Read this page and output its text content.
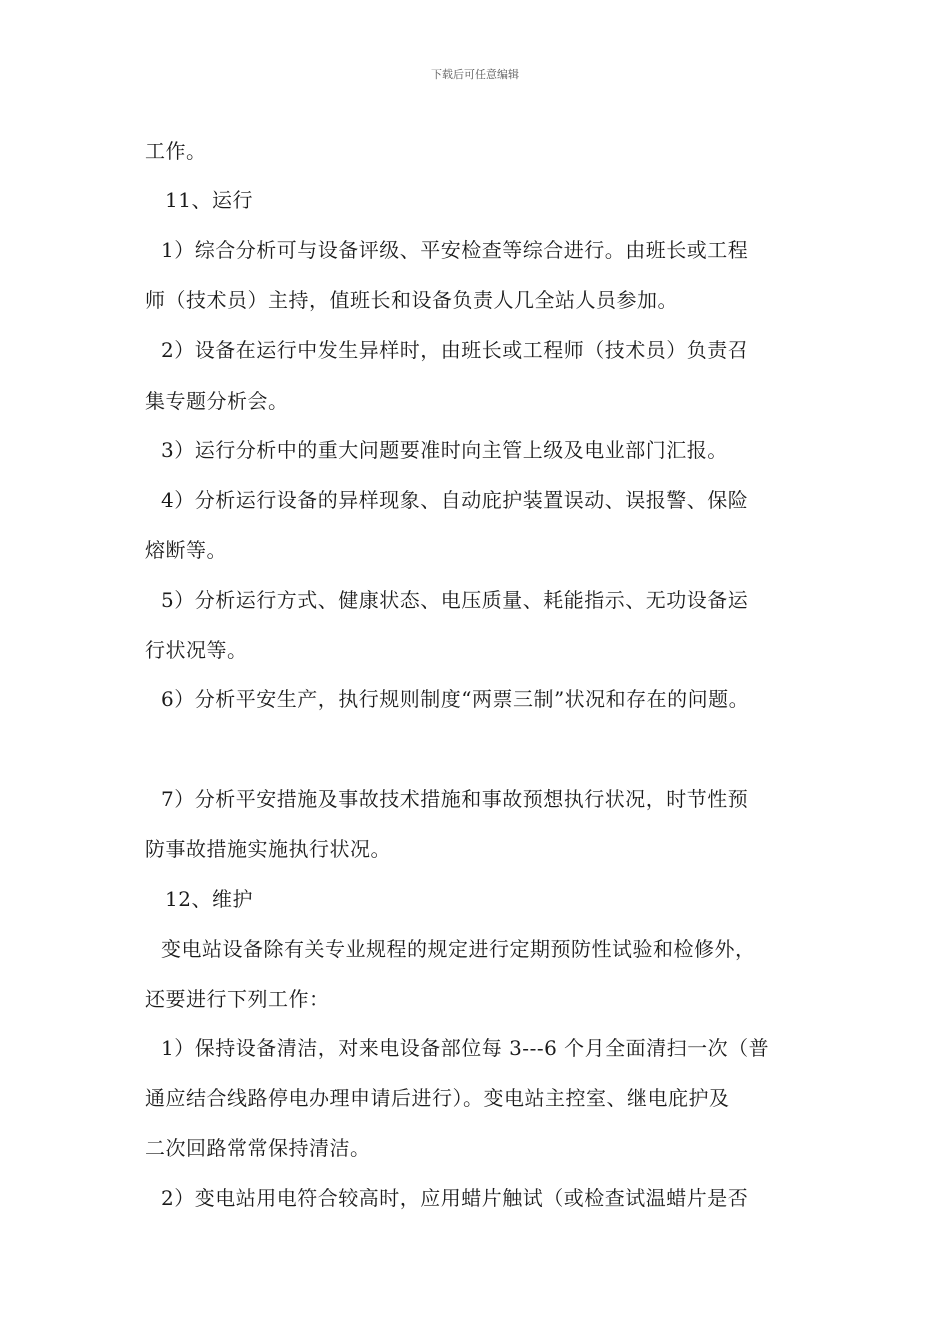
下载后可任意编辑
工作。
11、运行
1）综合分析可与设备评级、平安检查等综合进行。由班长或工程
师（技术员）主持，值班长和设备负责人几全站人员参加。
2）设备在运行中发生异样时，由班长或工程师（技术员）负责召
集专题分析会。
3）运行分析中的重大问题要准时向主管上级及电业部门汇报。
4）分析运行设备的异样现象、自动庇护装置误动、误报警、保险
熔断等。
5）分析运行方式、健康状态、电压质量、耗能指示、无功设备运
行状况等。
6）分析平安生产，执行规则制度“两票三制”状况和存在的问题。
7）分析平安措施及事故技术措施和事故预想执行状况，时节性预
防事故措施实施执行状况。
12、维护
变电站设备除有关专业规程的规定进行定期预防性试验和检修外，
还要进行下列工作：
1）保持设备清洁，对来电设备部位每 3---6 个月全面清扫一次（普
通应结合线路停电办理申请后进行）。变电站主控室、继电庇护及
二次回路常常保持清洁。
2）变电站用电符合较高时，应用蜡片触试（或检查试温蜡片是否
